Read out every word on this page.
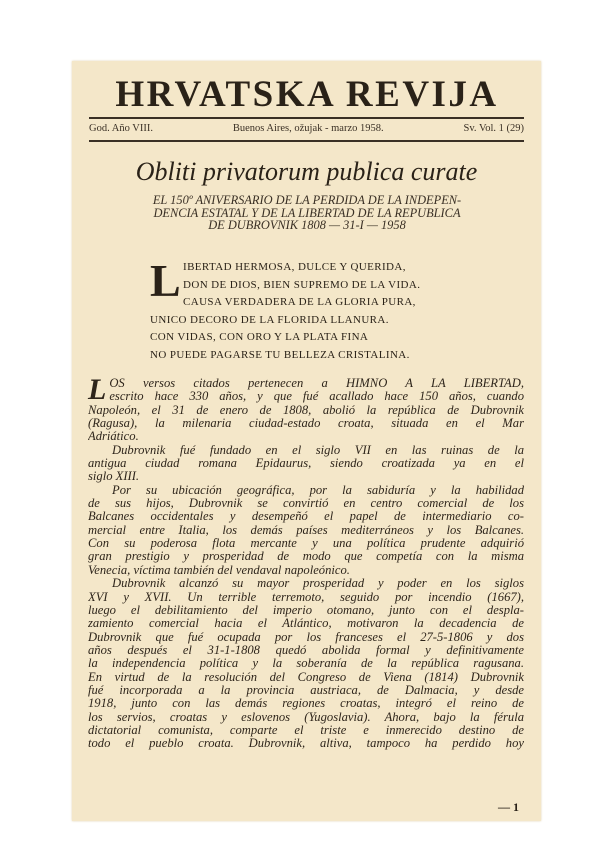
HRVATSKA REVIJA
God. Año VIII.	Buenos Aires, ožujak - marzo 1958.	Sv. Vol. 1 (29)
Obliti privatorum publica curate
EL 150º ANIVERSARIO DE LA PERDIDA DE LA INDEPEN-
DENCIA ESTATAL Y DE LA LIBERTAD DE LA REPUBLICA
DE DUBROVNIK 1808 — 31-I — 1958
L IBERTAD HERMOSA, DULCE Y QUERIDA,
DON DE DIOS, BIEN SUPREMO DE LA VIDA.
CAUSA VERDADERA DE LA GLORIA PURA,
UNICO DECORO DE LA FLORIDA LLANURA.
CON VIDAS, CON ORO Y LA PLATA FINA
NO PUEDE PAGARSE TU BELLEZA CRISTALINA.
L OS versos citados pertenecen a HIMNO A LA LIBERTAD,
escrito hace 330 años, y que fué acallado hace 150 años, cuando
Napoleón, el 31 de enero de 1808, abolió la república de Dubrovnik
(Ragusa), la milenaria ciudad-estado croata, situada en el Mar
Adriático.
Dubrovnik fué fundado en el siglo VII en las ruinas de la
antigua ciudad romana Epidaurus, siendo croatizada ya en el
siglo XIII.
Por su ubicación geográfica, por la sabiduría y la habilidad
de sus hijos, Dubrovnik se convirtió en centro comercial de los
Balcanes occidentales y desempeñó el papel de intermediario co-
mercial entre Italia, los demás países mediterráneos y los Balcanes.
Con su poderosa flota mercante y una política prudente adquirió
gran prestigio y prosperidad de modo que competía con la misma
Venecia, víctima también del vendaval napoleónico.
Dubrovnik alcanzó su mayor prosperidad y poder en los siglos
XVI y XVII. Un terrible terremoto, seguido por incendio (1667),
luego el debilitamiento del imperio otomano, junto con el despla-
zamiento comercial hacia el Atlántico, motivaron la decadencia de
Dubrovnik que fué ocupada por los franceses el 27-5-1806 y dos
años después el 31-1-1808 quedó abolida formal y definitivamente
la independencia política y la soberanía de la república ragusana.
En virtud de la resolución del Congreso de Viena (1814) Dubrovnik
fué incorporada a la provincia austriaca, de Dalmacia, y desde
1918, junto con las demás regiones croatas, integró el reino de
los servios, croatas y eslovenos (Yugoslavia). Ahora, bajo la férula
dictatorial comunista, comparte el triste e inmerecido destino de
todo el pueblo croata. Dubrovnik, altiva, tampoco ha perdido hoy
— 1
